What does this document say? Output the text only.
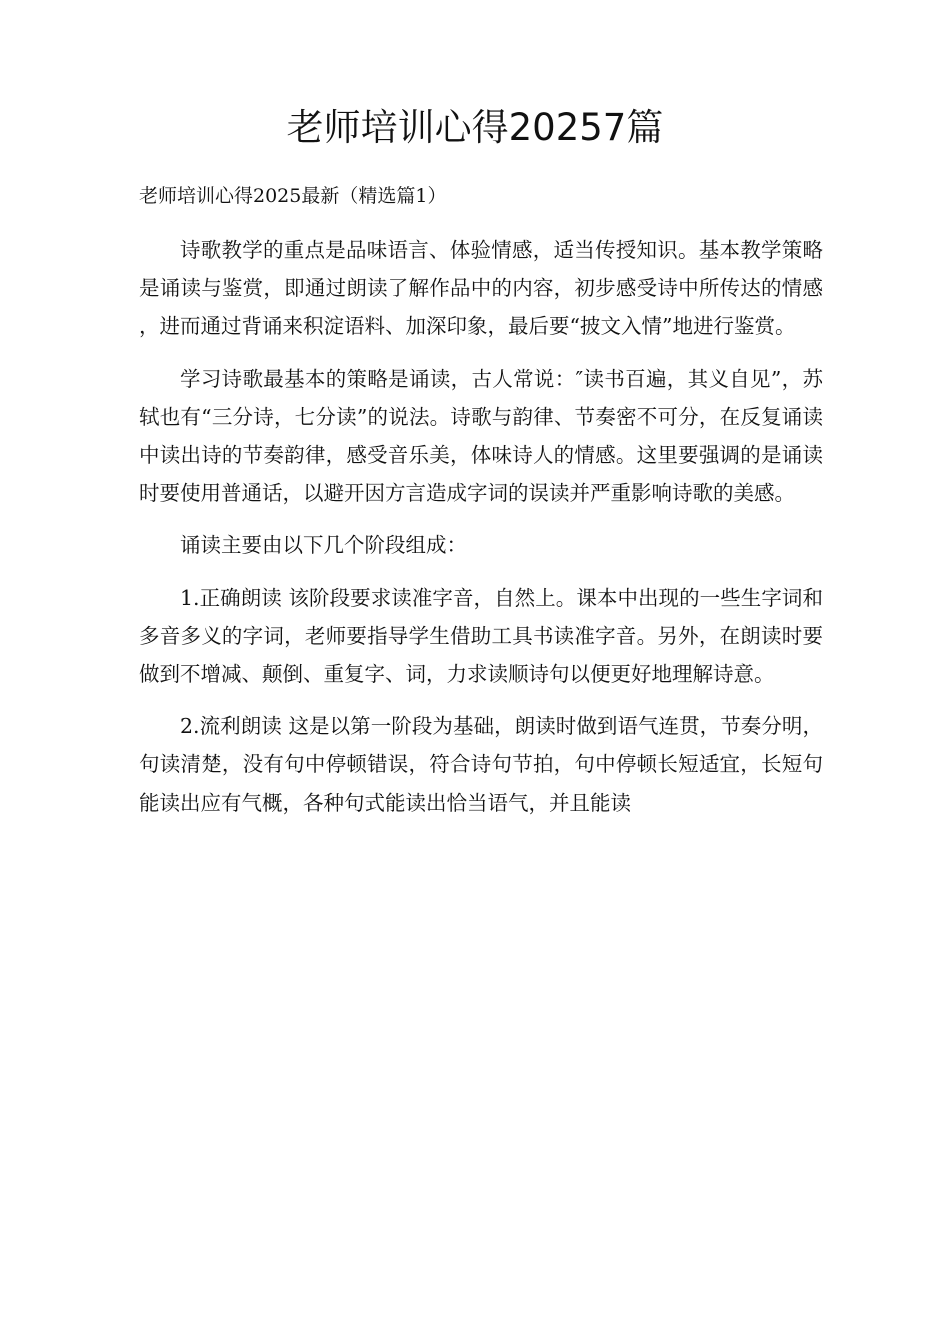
老师培训心得20257篇

老师培训心得2025最新（精选篇1）

诗歌教学的重点是品味语言、体验情感，适当传授知识。基本教学策略是诵读与鉴赏，即通过朗读了解作品中的内容，初步感受诗中所传达的情感，进而通过背诵来积淀语料、加深印象，最后要“披文入情”地进行鉴赏。

学习诗歌最基本的策略是诵读，古人常说：″读书百遍，其义自见”，苏轼也有“三分诗，七分读”的说法。诗歌与韵律、节奏密不可分，在反复诵读中读出诗的节奏韵律，感受音乐美，体味诗人的情感。这里要强调的是诵读时要使用普通话，以避开因方言造成字词的误读并严重影响诗歌的美感。

诵读主要由以下几个阶段组成：

1.正确朗读 该阶段要求读准字音，自然上。课本中出现的一些生字词和多音多义的字词，老师要指导学生借助工具书读准字音。另外，在朗读时要做到不增减、颠倒、重复字、词，力求读顺诗句以便更好地理解诗意。

2.流利朗读 这是以第一阶段为基础，朗读时做到语气连贯，节奏分明，句读清楚，没有句中停顿错误，符合诗句节拍，句中停顿长短适宜，长短句能读出应有气概，各种句式能读出恰当语气，并且能读
